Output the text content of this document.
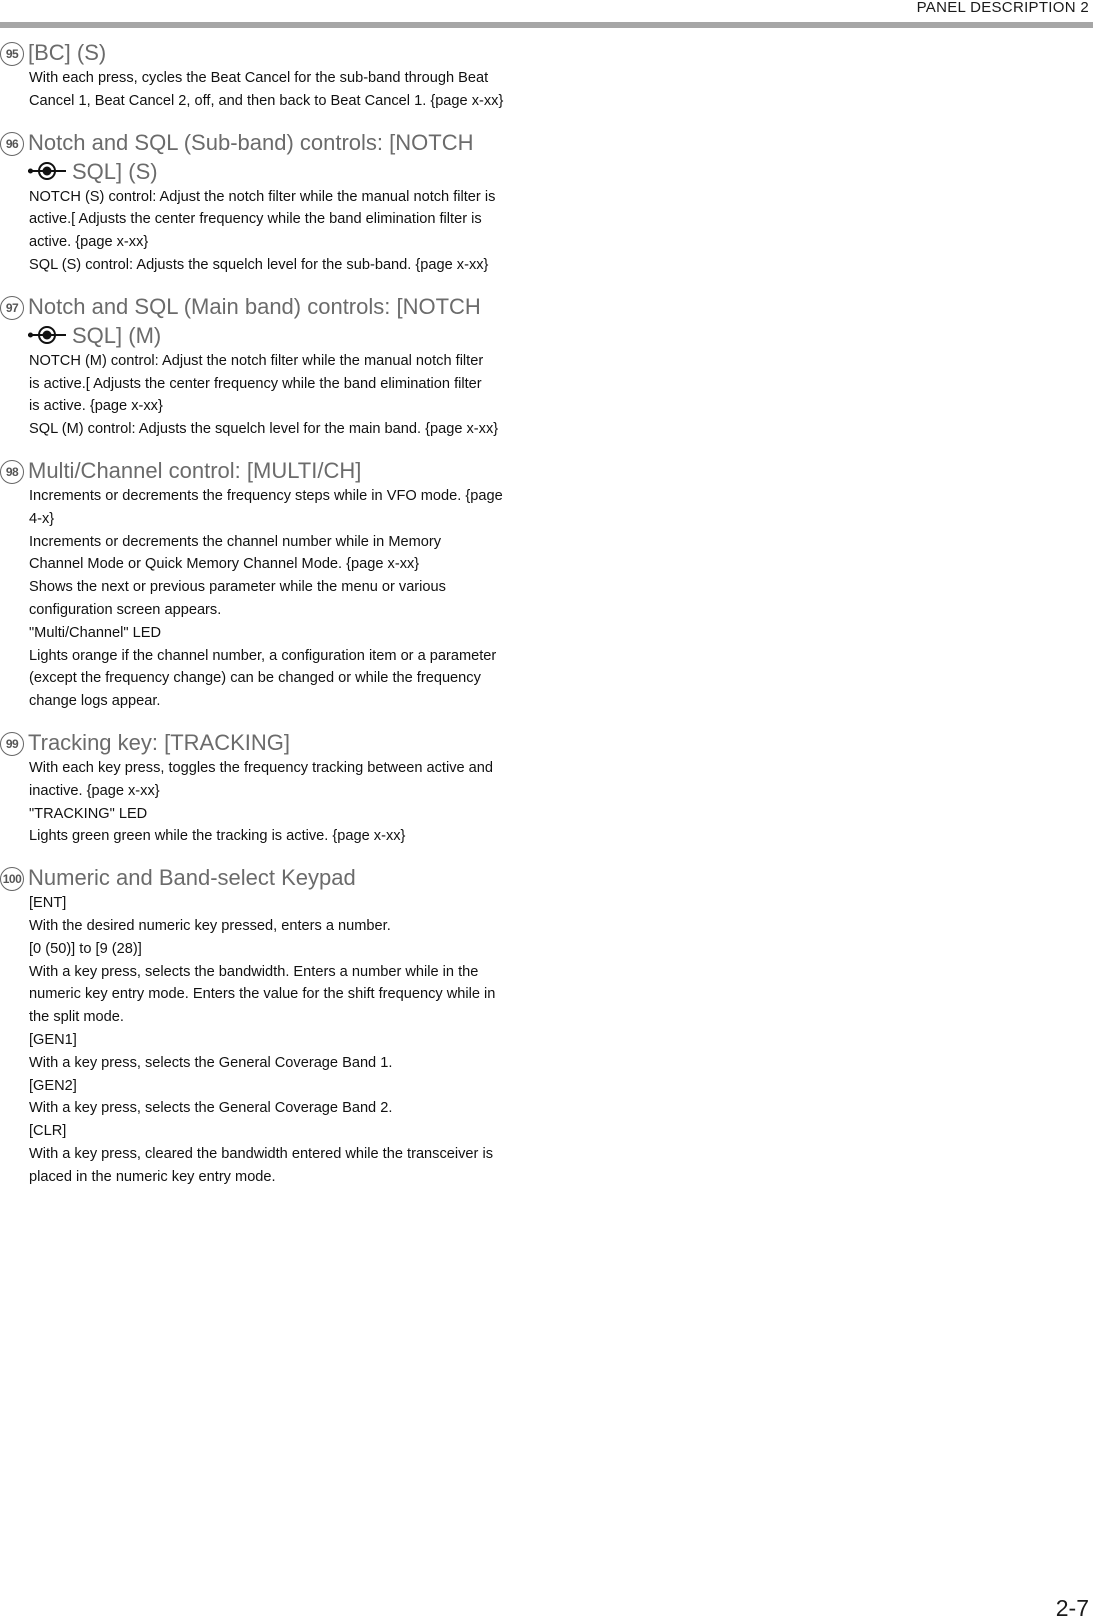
PANEL DESCRIPTION 2
95 [BC] (S)

With each press, cycles the Beat Cancel for the sub-band through Beat

Cancel 1, Beat Cancel 2, off, and then back to Beat Cancel 1. {page x-xx}

96 Notch and SQL (Sub-band) controls: [NOTCH
SQL] (S)

NOTCH (S) control: Adjust the notch filter while the manual notch filter is

active.[ Adjusts the center frequency while the band elimination filter is

active. {page x-xx}

SQL (S) control: Adjusts the squelch level for the sub-band. {page x-xx}

97 Notch and SQL (Main band) controls: [NOTCH
SQL] (M)

NOTCH (M) control: Adjust the notch filter while the manual notch filter

is active.[ Adjusts the center frequency while the band elimination filter

is active. {page x-xx}

SQL (M) control: Adjusts the squelch level for the main band. {page x-xx}

98 Multi/Channel control: [MULTI/CH]

Increments or decrements the frequency steps while in VFO mode. {page

4-x}

Increments or decrements the channel number while in Memory

Channel Mode or Quick Memory Channel Mode. {page x-xx}

Shows the next or previous parameter while the menu or various

configuration screen appears.

"Multi/Channel" LED

Lights orange if the channel number, a configuration item or a parameter

(except the frequency change) can be changed or while the frequency

change logs appear.

99 Tracking key: [TRACKING]

With each key press, toggles the frequency tracking between active and

inactive. {page x-xx}

"TRACKING" LED

Lights green green while the tracking is active. {page x-xx}

100 Numeric and Band-select Keypad

[ENT]

With the desired numeric key pressed, enters a number.

[0 (50)] to [9 (28)]

With a key press, selects the bandwidth. Enters a number while in the

numeric key entry mode. Enters the value for the shift frequency while in

the split mode.

[GEN1]

With a key press, selects the General Coverage Band 1.

[GEN2]

With a key press, selects the General Coverage Band 2.

[CLR]

With a key press, cleared the bandwidth entered while the transceiver is

placed in the numeric key entry mode.

2-7
